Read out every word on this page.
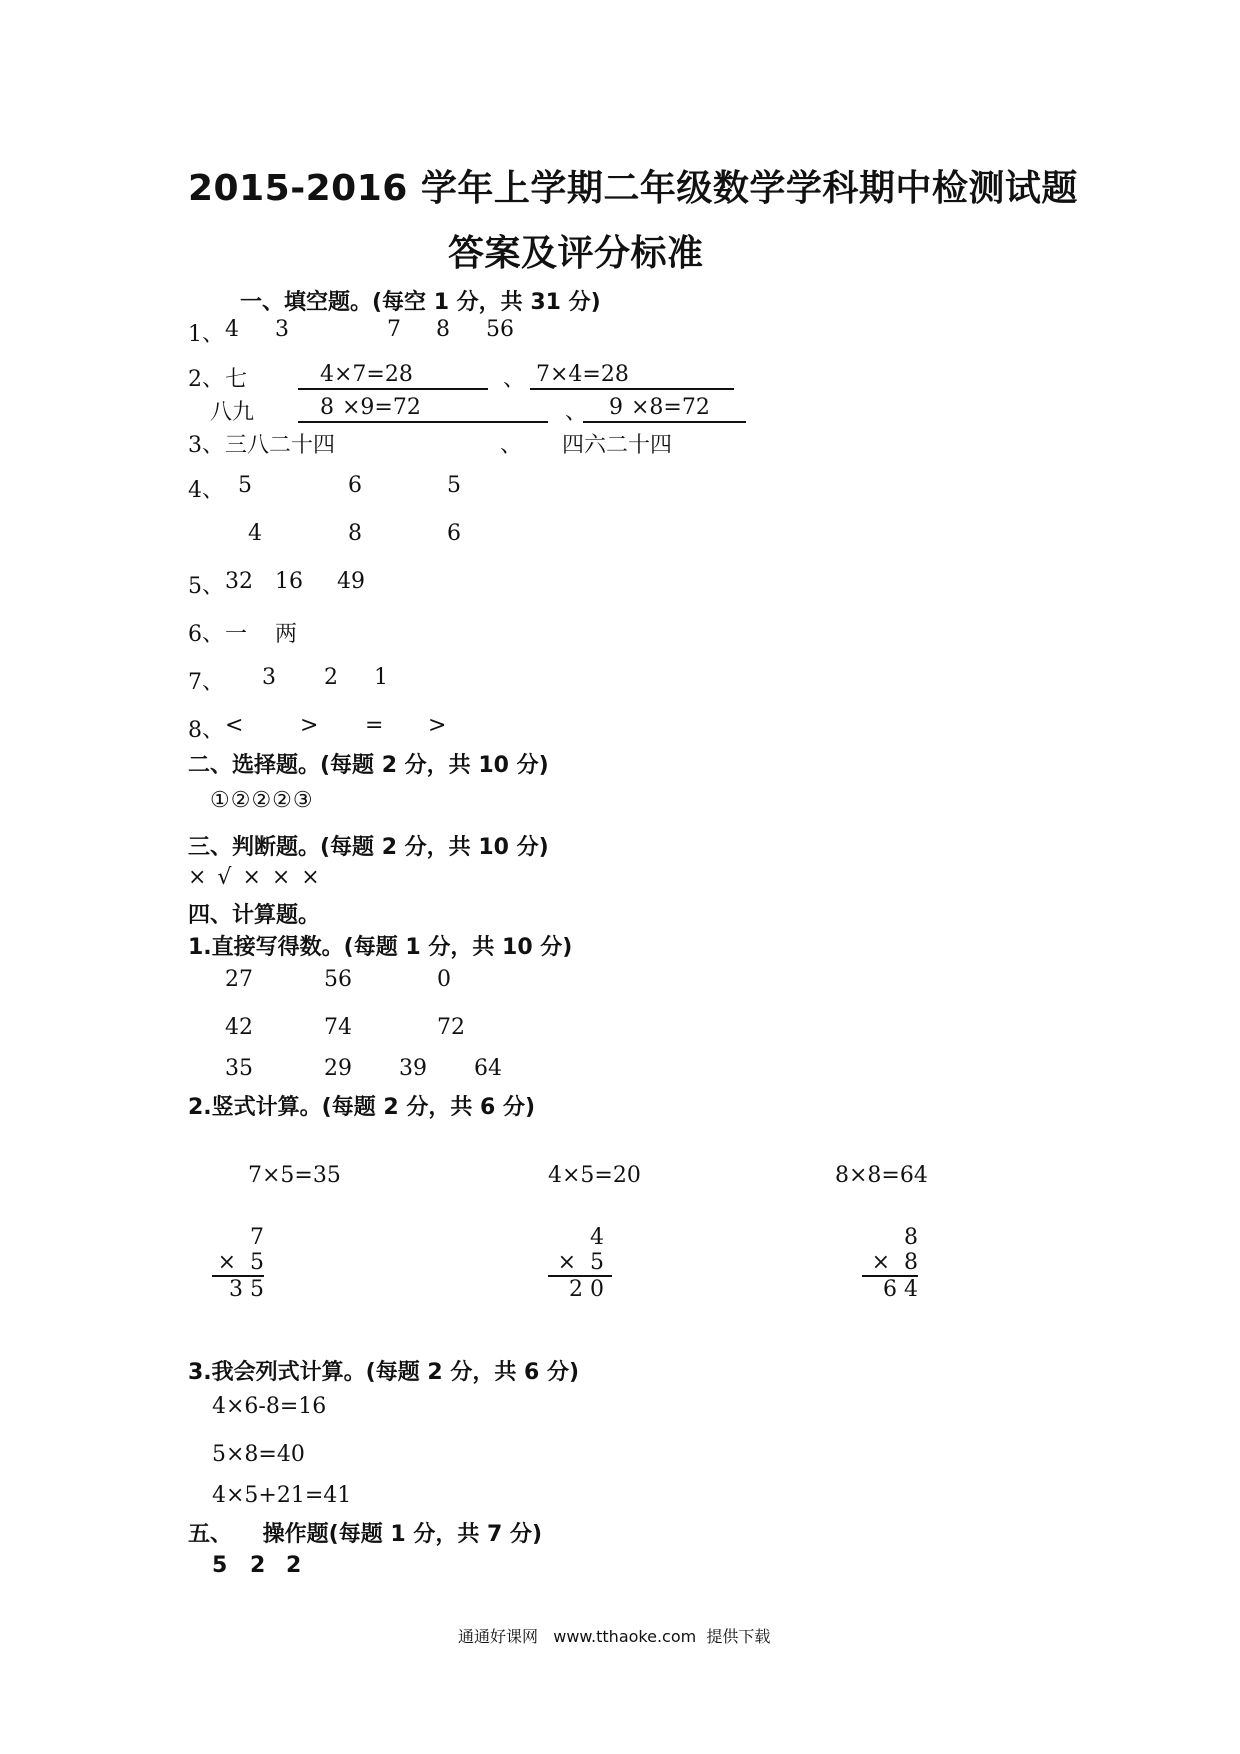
2015-2016 学年上学期二年级数学学科期中检测试题
答案及评分标准
一、填空题。(每空 1 分，共 31 分)
1、 4 3	7 8 56
2、 七	4×7=28	、 7×4=28
八九	8 ×9=72	、 9 ×8=72
3、 三八二十四	、 四六二十四
4、 5	6	5
4	8	6
5、 32 16 49
6、 一 两
7、 3 2 1
8、 <	> = >
二、选择题。(每题 2 分，共 10 分)
①②②②③
三、判断题。(每题 2 分，共 10 分)
× √ × × ×
四、计算题。
1.直接写得数。(每题 1 分，共 10 分)
27	56	0
42	74	72
35	29 39 64
2.竖式计算。(每题 2 分，共 6 分)
7×5=35
7
×  5
3 5
4×5=20
4
×  5
2 0
8×8=64
8
×  8
6 4
3.我会列式计算。(每题 2 分，共 6 分)
4×6-8=16
5×8=40
4×5+21=41
五、    操作题(每题 1 分，共 7 分)
5 2 2
通通好课网   www.tthaoke.com  提供下载
